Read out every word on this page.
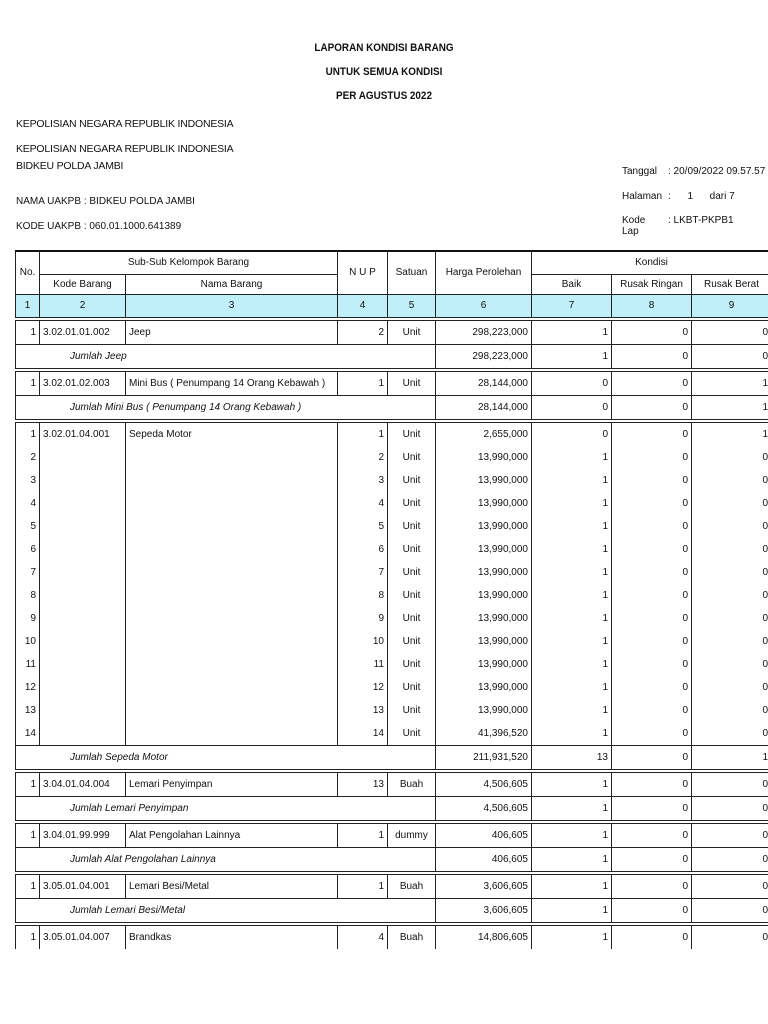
LAPORAN KONDISI BARANG
UNTUK SEMUA KONDISI
PER AGUSTUS 2022
KEPOLISIAN NEGARA REPUBLIK INDONESIA
KEPOLISIAN NEGARA REPUBLIK INDONESIA
BIDKEU POLDA JAMBI
NAMA UAKPB : BIDKEU POLDA JAMBI
KODE UAKPB : 060.01.1000.641389
Tanggal : 20/09/2022 09.57.57
Halaman :      1      dari 7
Kode Lap
: LKBT-PKPB1
No.	Sub-Sub Kelompok Barang		N U P	Satuan	Harga Perolehan	Kondisi		
	Kode Barang	Nama Barang				Baik	Rusak Ringan	Rusak Berat
1	2	3	4	5	6	7	8	9

1	3.02.01.01.002	Jeep	2	Unit	298,223,000	1	0	0
Jumlah Jeep					298,223,000	1	0	0

1	3.02.01.02.003	Mini Bus ( Penumpang 14 Orang Kebawah )	1	Unit	28,144,000	0	0	1
Jumlah Mini Bus ( Penumpang 14 Orang Kebawah )					28,144,000	0	0	1

1	3.02.01.04.001	Sepeda Motor	1	Unit	2,655,000	0	0	1
2			2	Unit	13,990,000	1	0	0
3			3	Unit	13,990,000	1	0	0
4			4	Unit	13,990,000	1	0	0
5			5	Unit	13,990,000	1	0	0
6			6	Unit	13,990,000	1	0	0
7			7	Unit	13,990,000	1	0	0
8			8	Unit	13,990,000	1	0	0
9			9	Unit	13,990,000	1	0	0
10			10	Unit	13,990,000	1	0	0
11			11	Unit	13,990,000	1	0	0
12			12	Unit	13,990,000	1	0	0
13			13	Unit	13,990,000	1	0	0
14			14	Unit	41,396,520	1	0	0
Jumlah Sepeda Motor					211,931,520	13	0	1

1	3.04.01.04.004	Lemari Penyimpan	13	Buah	4,506,605	1	0	0
Jumlah Lemari Penyimpan					4,506,605	1	0	0

1	3.04.01.99.999	Alat Pengolahan Lainnya	1	dummy	406,605	1	0	0
Jumlah Alat Pengolahan Lainnya					406,605	1	0	0

1	3.05.01.04.001	Lemari Besi/Metal	1	Buah	3,606,605	1	0	0
Jumlah Lemari Besi/Metal					3,606,605	1	0	0

1	3.05.01.04.007	Brandkas	4	Buah	14,806,605	1	0	0
